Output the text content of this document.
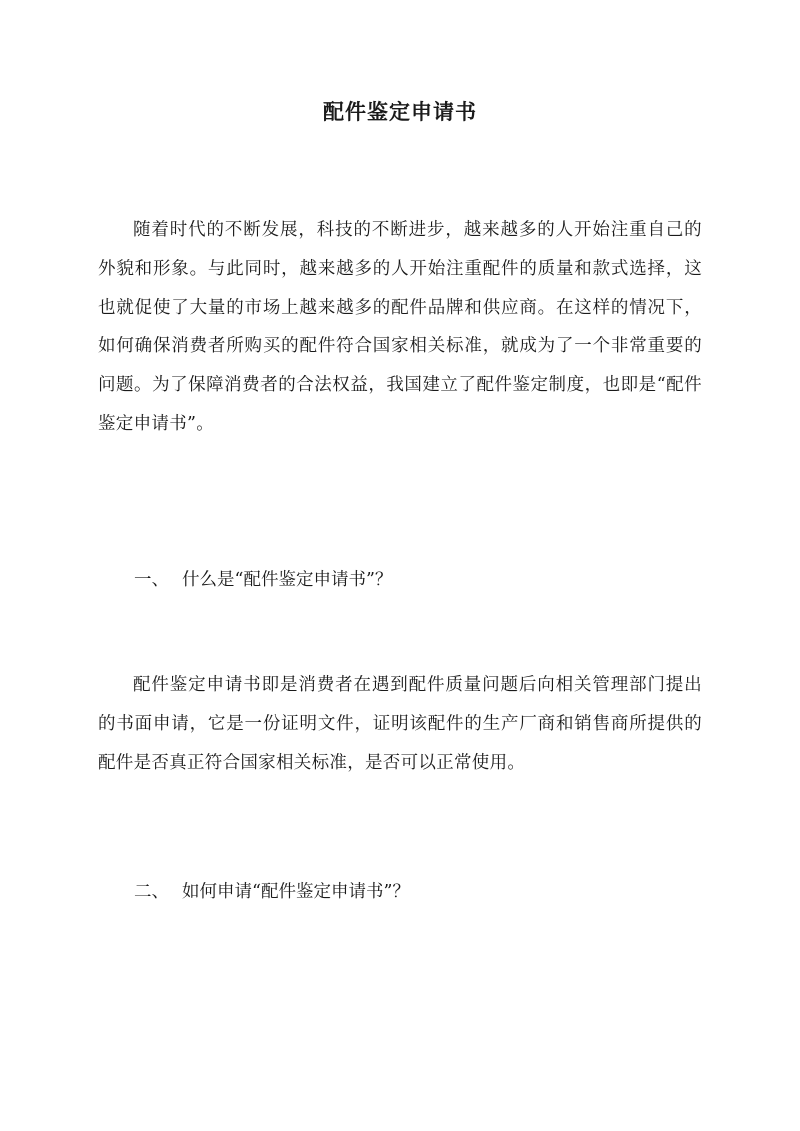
配件鉴定申请书

随着时代的不断发展，科技的不断进步，越来越多的人开始注重自己的外貌和形象。与此同时，越来越多的人开始注重配件的质量和款式选择，这也就促使了大量的市场上越来越多的配件品牌和供应商。在这样的情况下，如何确保消费者所购买的配件符合国家相关标准，就成为了一个非常重要的问题。为了保障消费者的合法权益，我国建立了配件鉴定制度，也即是“配件鉴定申请书”。

一、 什么是“配件鉴定申请书”？

配件鉴定申请书即是消费者在遇到配件质量问题后向相关管理部门提出的书面申请，它是一份证明文件，证明该配件的生产厂商和销售商所提供的配件是否真正符合国家相关标准，是否可以正常使用。

二、 如何申请“配件鉴定申请书”？
